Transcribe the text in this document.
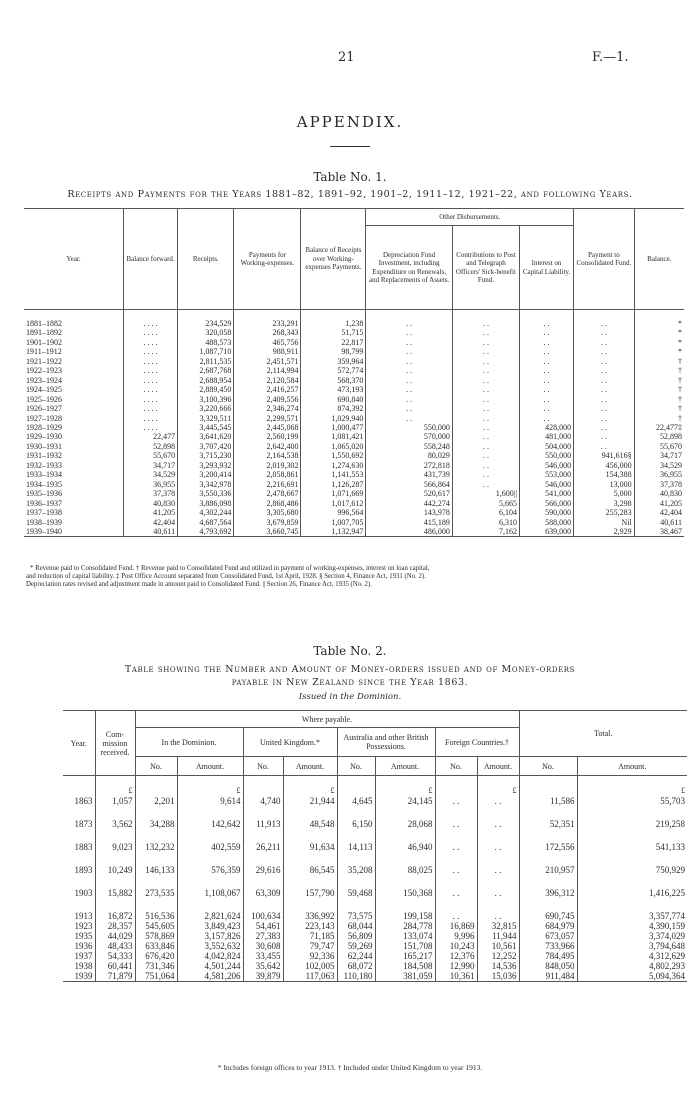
21	F.—1.
APPENDIX.
Table No. 1.
Receipts and Payments for the Years 1881–82, 1891–92, 1901–2, 1911–12, 1921–22, and following Years.
Year.	Balance forward.	Receipts.	Payments for Working-expenses.	Balance of Receipts over Working-expenses Payments.	Other Disbursements.			Payment to Consolidated Fund.	Balance.
					Depreciation Fund Investment, including Expenditure on Renewals, and Replacements of Assets.	Contributions to Post and Telegraph Officers' Sick-benefit Fund.	Interest on Capital Liability.		

1881–1882	. . . .	234,529	233,291	1,238	. .	. .	. .	. .	*
1891–1892	. . . .	320,058	268,343	51,715	. .	. .	. .	. .	*
1901–1902	. . . .	488,573	465,756	22,817	. .	. .	. .	. .	*
1911–1912	. . . .	1,087,710	988,911	98,799	. .	. .	. .	. .	*
1921–1922	. . . .	2,811,535	2,451,571	359,964	. .	. .	. .	. .	†
1922–1923	. . . .	2,687,768	2,114,994	572,774	. .	. .	. .	. .	†
1923–1924	. . . .	2,688,954	2,120,584	568,370	. .	. .	. .	. .	†
1924–1925	. . . .	2,889,450	2,416,257	473,193	. .	. .	. .	. .	†
1925–1926	. . . .	3,100,396	2,409,556	690,840	. .	. .	. .	. .	†
1926–1927	. . . .	3,220,666	2,346,274	874,392	. .	. .	. .	. .	†
1927–1928	. . . .	3,329,511	2,299,571	1,029,940	. .	. .	. .	. .	†
1928–1929	. . . .	3,445,545	2,445,068	1,000,477	550,000	. .	428,000	. .	22,477‡
1929–1930	22,477	3,641,620	2,560,199	1,081,421	570,000	. .	481,000	. .	52,898
1930–1931	52,898	3,707,420	2,642,400	1,065,020	558,248	. .	504,000	. .	55,670
1931–1932	55,670	3,715,230	2,164,538	1,550,692	80,029	. .	550,000	941,616§	34,717
1932–1933	34,717	3,293,932	2,019,302	1,274,630	272,818	. .	546,000	456,000	34,529
1933–1934	34,529	3,200,414	2,058,861	1,141,553	431,739	. .	553,000	154,388	36,955
1934–1935	36,955	3,342,978	2,216,691	1,126,287	566,864	. .	546,000	13,000	37,378
1935–1936	37,378	3,550,336	2,478,667	1,071,669	520,617	1,600||	541,000	5,000	40,830
1936–1937	40,830	3,886,098	2,868,486	1,017,612	442,274	5,665	566,000	3,298	41,205
1937–1938	41,205	4,302,244	3,305,680	996,564	143,978	6,104	590,000	255,283	42,404
1938–1939	42,404	4,687,564	3,679,859	1,007,705	415,189	6,310	588,000	Nil	40,611
1939–1940	40,611	4,793,692	3,660,745	1,132,947	486,000	7,162	639,000	2,929	38,467
* Revenue paid to Consolidated Fund. † Revenue paid to Consolidated Fund and utilized in payment of working-expenses, interest on loan capital,
and reduction of capital liability. ‡ Post Office Account separated from Consolidated Fund, 1st April, 1928. § Section 4, Finance Act, 1931 (No. 2).
Depreciation rates revised and adjustment made in amount paid to Consolidated Fund. || Section 26, Finance Act, 1935 (No. 2).
Table No. 2.
Table showing the Number and Amount of Money-orders issued and of Money-orders
payable in New Zealand since the Year 1863.
Issued in the Dominion.
Year.	Com-mission received.	Where payable.								Total.	
		In the Dominion.		United Kingdom.*		Australia and other British Possessions.		Foreign Countries.†			
		No.	Amount.	No.	Amount.	No.	Amount.	No.	Amount.	No.	Amount.
	£		£		£		£		£		£
1863	1,057	2,201	9,614	4,740	21,944	4,645	24,145	. .	. .	11,586	55,703
1873	3,562	34,288	142,642	11,913	48,548	6,150	28,068	. .	. .	52,351	219,258
1883	9,023	132,232	402,559	26,211	91,634	14,113	46,940	. .	. .	172,556	541,133
1893	10,249	146,133	576,359	29,616	86,545	35,208	88,025	. .	. .	210,957	750,929
1903	15,882	273,535	1,108,067	63,309	157,790	59,468	150,368	. .	. .	396,312	1,416,225
1913	16,872	516,536	2,821,624	100,634	336,992	73,575	199,158	. .	. .	690,745	3,357,774
1923	28,357	545,605	3,849,423	54,461	223,143	68,044	284,778	16,869	32,815	684,979	4,390,159
1935	44,029	578,869	3,157,826	27,383	71,185	56,809	133,074	9,996	11,944	673,057	3,374,029
1936	48,433	633,846	3,552,632	30,608	79,747	59,269	151,708	10,243	10,561	733,966	3,794,648
1937	54,333	676,420	4,042,824	33,455	92,336	62,244	165,217	12,376	12,252	784,495	4,312,629
1938	60,441	731,346	4,501,244	35,642	102,005	68,072	184,508	12,990	14,536	848,050	4,802,293
1939	71,879	751,064	4,581,206	39,879	117,063	110,180	381,059	10,361	15,036	911,484	5,094,364
* Includes foreign offices to year 1913. † Included under United Kingdom to year 1913.
